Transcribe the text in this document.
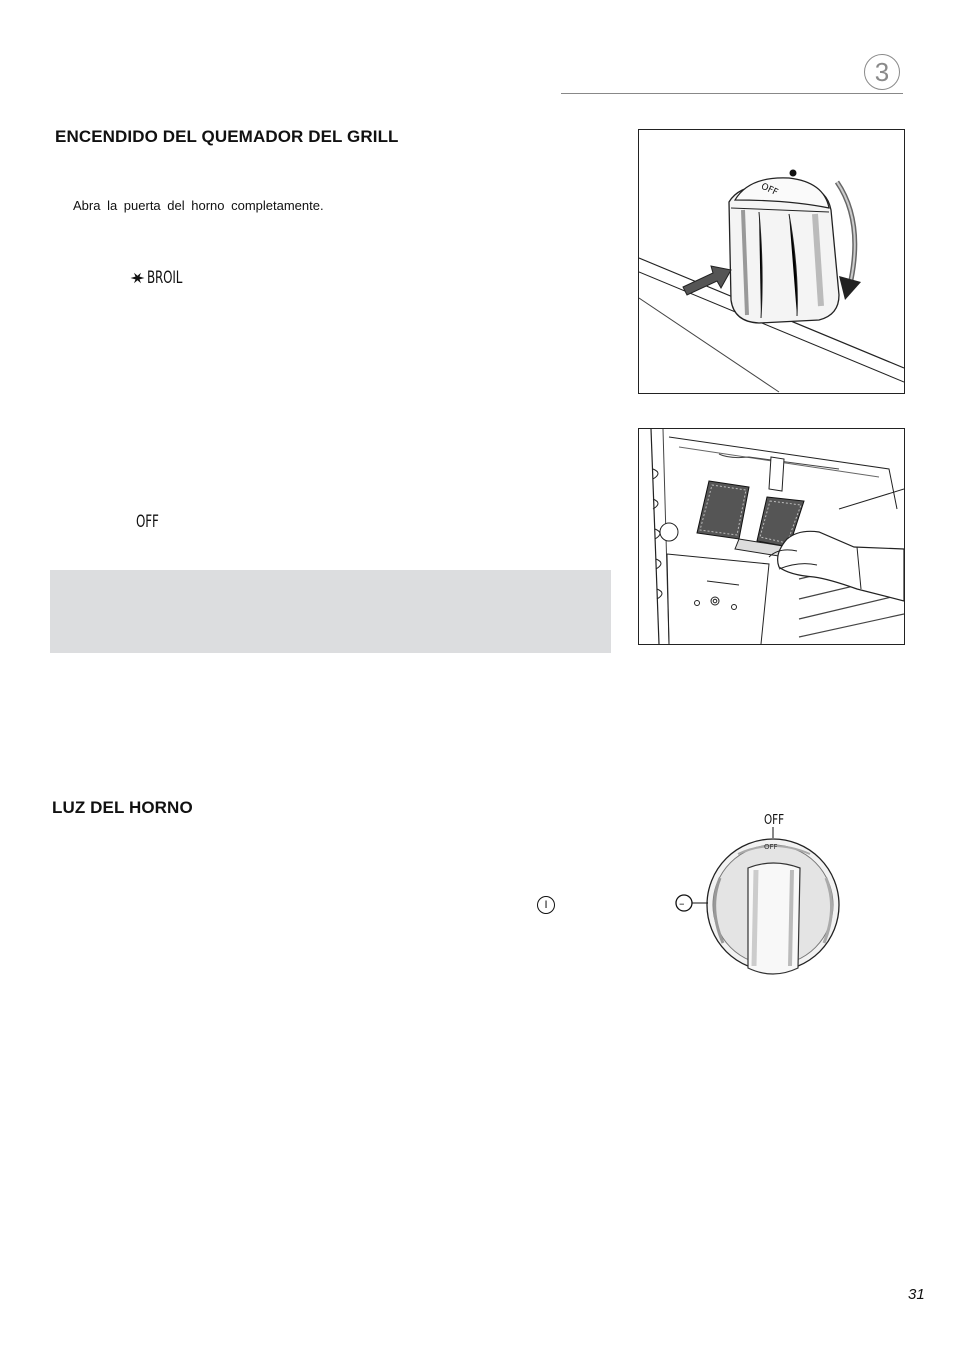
3
ENCENDIDO DEL QUEMADOR DEL GRILL
Abra la puerta del horno completamente.
BROIL
OFF
OFF
LUZ DEL HORNO
I
OFF
OFF
–
31
